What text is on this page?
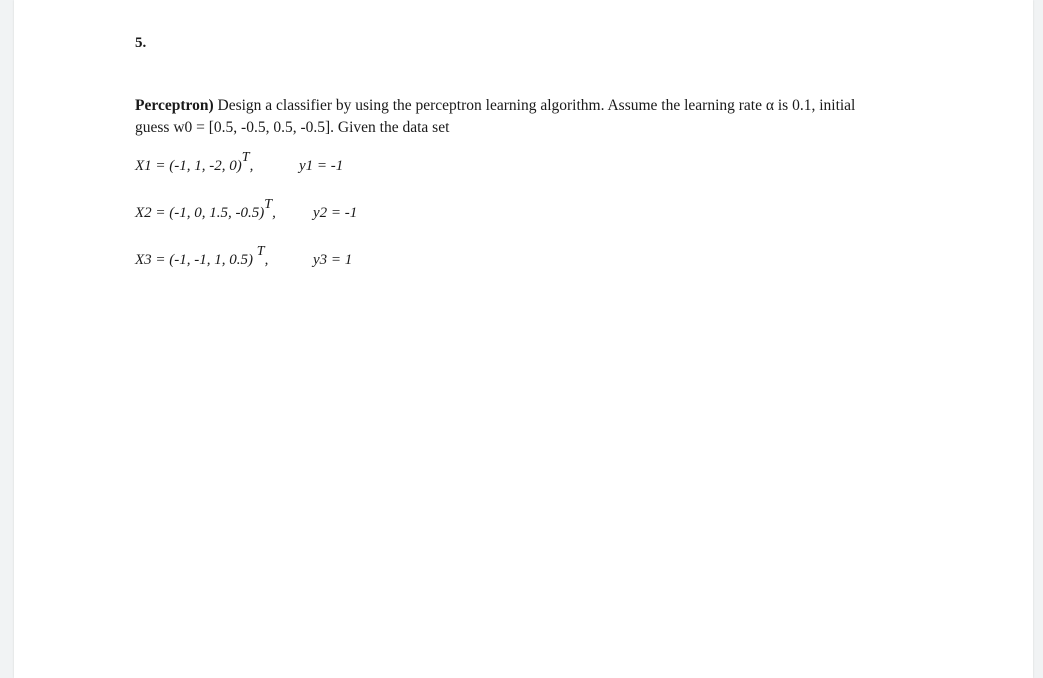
5.
Perceptron) Design a classifier by using the perceptron learning algorithm. Assume the learning rate α is 0.1, initial
guess w0 = [0.5, -0.5, 0.5, -0.5]. Given the data set
X1 = (-1, 1, -2, 0)T,	y1 = -1
X2 = (-1, 0, 1.5, -0.5)T, y2 = -1
X3 = (-1, -1, 1, 0.5) T,	y3 = 1
